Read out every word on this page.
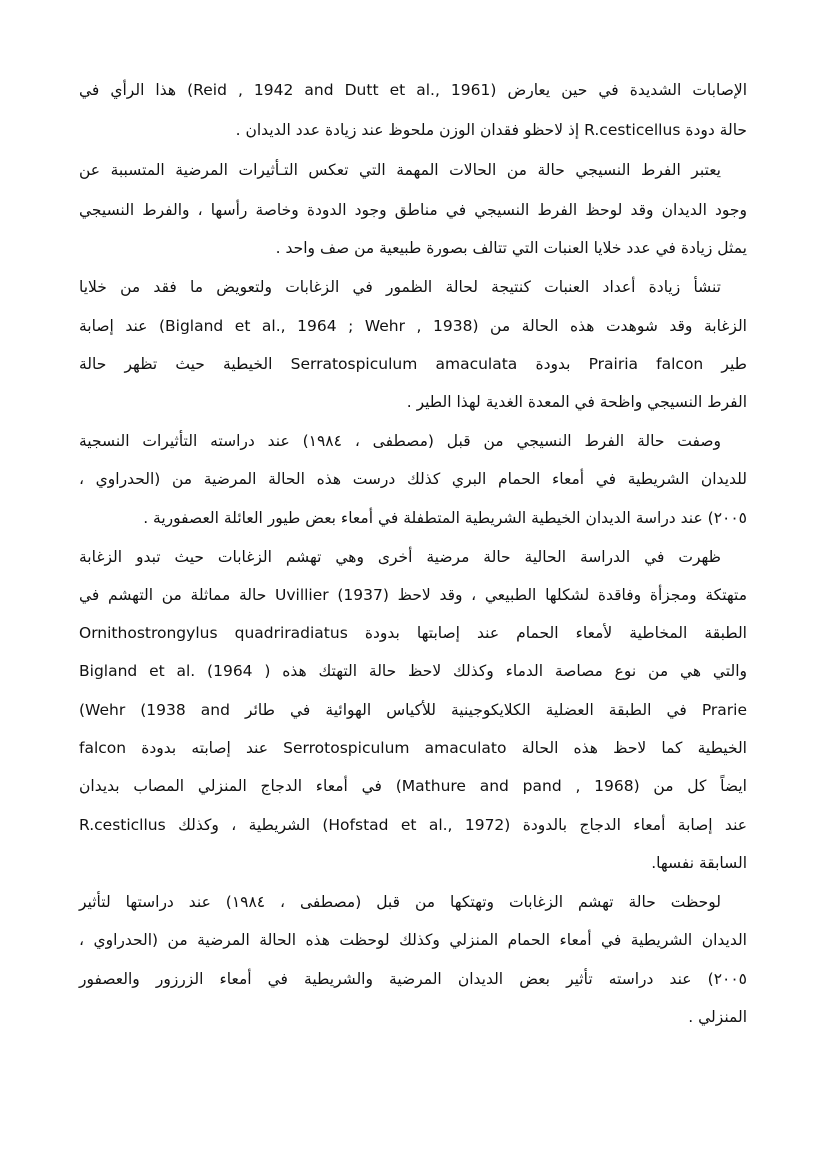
الإصابات الشديدة في حين يعارض (Reid , 1942 and Dutt et al., 1961) هذا الرأي في
حالة دودة R.cesticellus إذ لاحظو فقدان الوزن ملحوظ عند زيادة عدد الديدان .
يعتبر الفرط النسيجي حالة من الحالات المهمة التي تعكس التـأثيرات المرضية المتسببة عن
وجود الديدان وقد لوحظ الفرط النسيجي في مناطق وجود الدودة وخاصة رأسها ، والفرط النسيجي
يمثل زيادة في عدد خلايا العنبات التي تتالف بصورة طبيعية من صف واحد .
تنشأ زيادة أعداد العنبات كنتيجة لحالة الظمور في الزغابات ولتعويض ما فقد من خلايا
الزغابة وقد شوهدت هذه الحالة من (Bigland et al., 1964 ; Wehr , 1938) عند إصابة
طير Prairia falcon بدودة Serratospiculum amaculata الخيطية حيث تظهر حالة
الفرط النسيجي واظحة في المعدة الغدية لهذا الطير .
وصفت حالة الفرط النسيجي من قبل (مصطفى ، ١٩٨٤) عند دراسته التأثيرات النسجية
للديدان الشريطية في أمعاء الحمام البري كذلك درست هذه الحالة المرضية من (الحدراوي ،
٢٠٠٥) عند دراسة الديدان الخيطية الشريطية المتطفلة في أمعاء بعض طيور العائلة العصفورية .
ظهرت في الدراسة الحالية حالة مرضية أخرى وهي تهشم الزغابات حيث تبدو الزغابة
متهتكة ومجزأة وفاقدة لشكلها الطبيعي ، وقد لاحظ Uvillier (1937) حالة مماثلة من التهشم في
الطبقة المخاطية لأمعاء الحمام عند إصابتها بدودة Ornithostrongylus quadriradiatus
والتي هي من نوع مصاصة الدماء وكذلك لاحظ حالة التهتك هذه ( Bigland et al. (1964
(Wehr (1938 and في الطبقة العضلية الكلايكوجينية للأكياس الهوائية في طائر Prarie
falcon عند إصابته بدودة Serrotospiculum amaculato الخيطية كما لاحظ هذه الحالة
ايضاً كل من (Mathure and pand , 1968) في أمعاء الدجاج المنزلي المصاب بديدان
R.cesticllus الشريطية ، وكذلك (Hofstad et al., 1972) عند إصابة أمعاء الدجاج بالدودة
السابقة نفسها.
لوحظت حالة تهشم الزغابات وتهتكها من قبل (مصطفى ، ١٩٨٤) عند دراستها لتأثير
الديدان الشريطية في أمعاء الحمام المنزلي وكذلك لوحظت هذه الحالة المرضية من (الحدراوي ،
٢٠٠٥) عند دراسته تأثير بعض الديدان المرضية والشريطية في أمعاء الزرزور والعصفور
المنزلي .
